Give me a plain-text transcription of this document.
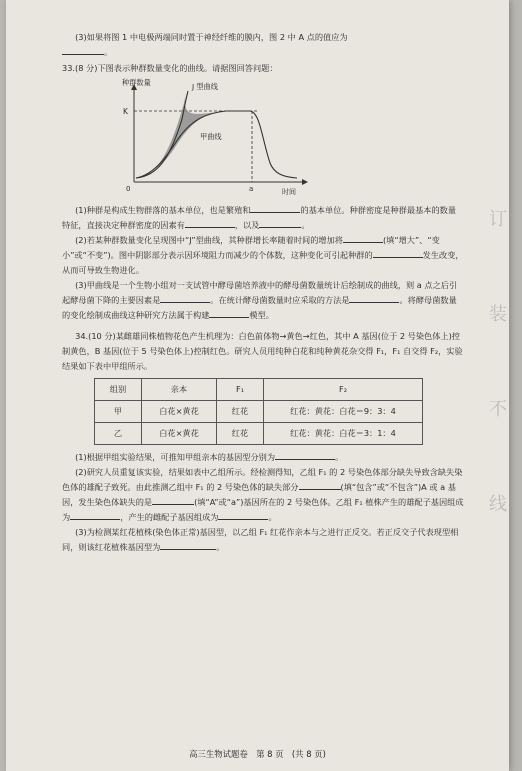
(3)如果将图 1 中电极两端同时置于神经纤维的膜内，图 2 中 A 点的值应为
。

33.(8 分)下图表示种群数量变化的曲线。请据图回答问题：

种群数量	J 型曲线
K
甲曲线
0	a	时间

(1)种群是构成生物群落的基本单位，也是繁殖和	的基本单位。种群密度是种群最基本的数量特征，直接决定种群密度的因素有	，以及	。

(2)若某种群数量变化呈现图中“J”型曲线，其种群增长率随着时间的增加将	(填“增大”、“变小”或“不变”)。图中阴影部分表示因环境阻力而减少的个体数，这种变化可引起种群的	发生改变，从而可导致生物进化。

(3)甲曲线是一个生物小组对一支试管中酵母菌培养液中的酵母菌数量统计后绘制成的曲线，则 a 点之后引起酵母菌下降的主要因素是	。在统计酵母菌数量时应采取的方法是	。将酵母菌数量的变化绘制成曲线这种研究方法属于构建	模型。

34.(10 分)某雌雄同株植物花色产生机理为：白色前体物→黄色→红色，其中 A 基因(位于 2 号染色体上)控制黄色，B 基因(位于 5 号染色体上)控制红色。研究人员用纯种白花和纯种黄花杂交得 F₁，F₁ 自交得 F₂，实验结果如下表中甲组所示。

组别	亲本	F₁	F₂
甲	白花×黄花	红花	红花：黄花：白花＝9：3：4
乙	白花×黄花	红花	红花：黄花：白花＝3：1：4

(1)根据甲组实验结果，可推知甲组亲本的基因型分别为	。

(2)研究人员重复该实验，结果如表中乙组所示。经检测得知，乙组 F₁ 的 2 号染色体部分缺失导致含缺失染色体的雄配子致死。由此推测乙组中 F₁ 的 2 号染色体的缺失部分	(填“包含”或“不包含”)A 或 a 基因，发生染色体缺失的是	(填“A”或“a”)基因所在的 2 号染色体。乙组 F₁ 植株产生的雄配子基因组成为	，产生的雌配子基因组成为	。

(3)为检测某红花植株(染色体正常)基因型，以乙组 F₁ 红花作亲本与之进行正反交。若正反交子代表现型相同，则该红花植株基因型为	。

订
装
不
线
高三生物试题卷　第 8 页　(共 8 页)
